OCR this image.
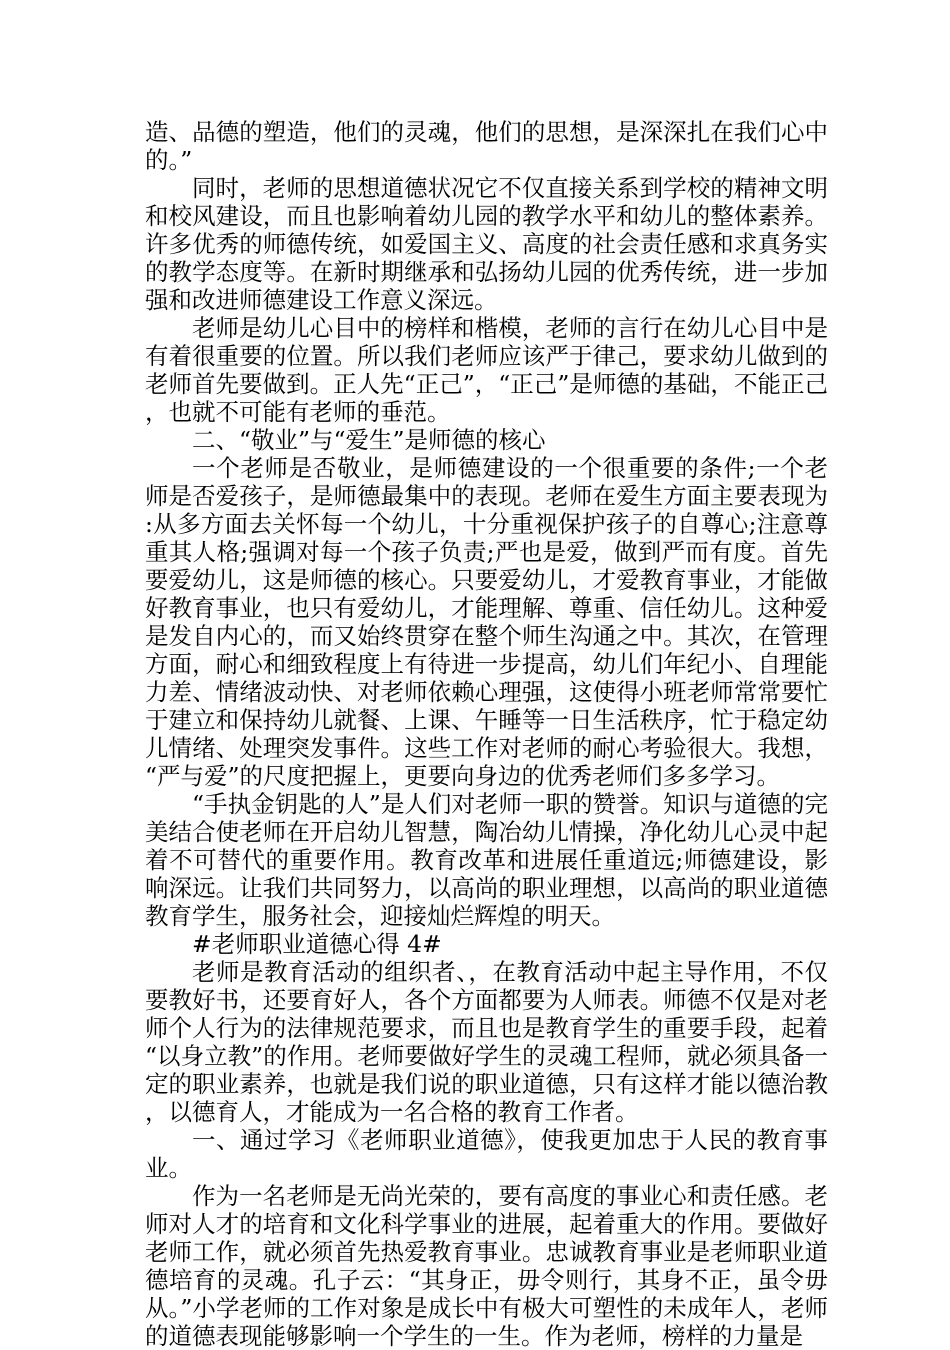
造、品德的塑造，他们的灵魂，他们的思想，是深深扎在我们心中的。”

同时，老师的思想道德状况它不仅直接关系到学校的精神文明和校风建设，而且也影响着幼儿园的教学水平和幼儿的整体素养。许多优秀的师德传统，如爱国主义、高度的社会责任感和求真务实的教学态度等。在新时期继承和弘扬幼儿园的优秀传统，进一步加强和改进师德建设工作意义深远。

老师是幼儿心目中的榜样和楷模，老师的言行在幼儿心目中是有着很重要的位置。所以我们老师应该严于律己，要求幼儿做到的老师首先要做到。正人先“正己”，“正己”是师德的基础，不能正己，也就不可能有老师的垂范。

二、“敬业”与“爱生”是师德的核心

一个老师是否敬业，是师德建设的一个很重要的条件;一个老师是否爱孩子，是师德最集中的表现。老师在爱生方面主要表现为:从多方面去关怀每一个幼儿，十分重视保护孩子的自尊心;注意尊重其人格;强调对每一个孩子负责;严也是爱，做到严而有度。首先要爱幼儿，这是师德的核心。只要爱幼儿，才爱教育事业，才能做好教育事业，也只有爱幼儿，才能理解、尊重、信任幼儿。这种爱是发自内心的，而又始终贯穿在整个师生沟通之中。其次，在管理方面，耐心和细致程度上有待进一步提高，幼儿们年纪小、自理能力差、情绪波动快、对老师依赖心理强，这使得小班老师常常要忙于建立和保持幼儿就餐、上课、午睡等一日生活秩序，忙于稳定幼儿情绪、处理突发事件。这些工作对老师的耐心考验很大。我想，“严与爱”的尺度把握上，更要向身边的优秀老师们多多学习。

“手执金钥匙的人”是人们对老师一职的赞誉。知识与道德的完美结合使老师在开启幼儿智慧，陶冶幼儿情操，净化幼儿心灵中起着不可替代的重要作用。教育改革和进展任重道远;师德建设，影响深远。让我们共同努力，以高尚的职业理想，以高尚的职业道德教育学生，服务社会，迎接灿烂辉煌的明天。

#老师职业道德心得 4#

老师是教育活动的组织者、，在教育活动中起主导作用，不仅要教好书，还要育好人，各个方面都要为人师表。师德不仅是对老师个人行为的法律规范要求，而且也是教育学生的重要手段，起着“以身立教”的作用。老师要做好学生的灵魂工程师，就必须具备一定的职业素养，也就是我们说的职业道德，只有这样才能以德治教，以德育人，才能成为一名合格的教育工作者。

一、通过学习《老师职业道德》，使我更加忠于人民的教育事业。

作为一名老师是无尚光荣的，要有高度的事业心和责任感。老师对人才的培育和文化科学事业的进展，起着重大的作用。要做好老师工作，就必须首先热爱教育事业。忠诚教育事业是老师职业道德培育的灵魂。孔子云：“其身正，毋令则行，其身不正，虽令毋从。”小学老师的工作对象是成长中有极大可塑性的未成年人，老师的道德表现能够影响一个学生的一生。作为老师，榜样的力量是
